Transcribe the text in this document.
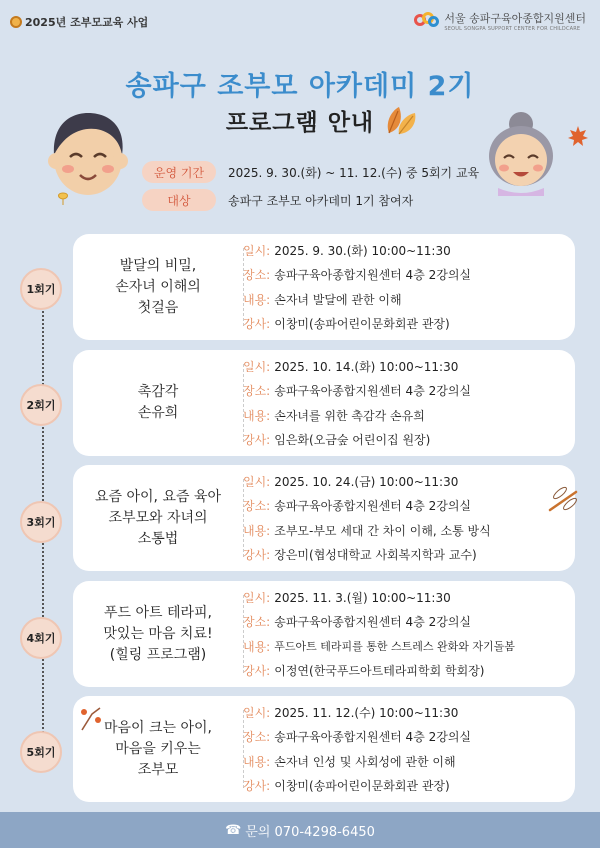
2025년 조부모교육 사업	서울 송파구육아종합지원센터
SEOUL SONGPA SUPPORT CENTER FOR CHILDCARE
송파구 조부모 아카데미 2기
프로그램 안내
운영 기간	2025. 9. 30.(화) ~ 11. 12.(수) 중 5회기 교육
대상	송파구 조부모 아카데미 1기 참여자
1회기
발달의 비밀,
손자녀 이해의
첫걸음
일시: 2025. 9. 30.(화) 10:00~11:30
장소: 송파구육아종합지원센터 4층 2강의실
내용: 손자녀 발달에 관한 이해
강사: 이창미(송파어린이문화회관 관장)
2회기
촉감각
손유희
일시: 2025. 10. 14.(화) 10:00~11:30
장소: 송파구육아종합지원센터 4층 2강의실
내용: 손자녀를 위한 촉감각 손유희
강사: 임은화(오금숲 어린이집 원장)
3회기
요즘 아이, 요즘 육아
조부모와 자녀의
소통법
일시: 2025. 10. 24.(금) 10:00~11:30
장소: 송파구육아종합지원센터 4층 2강의실
내용: 조부모-부모 세대 간 차이 이해, 소통 방식
강사: 장은미(협성대학교 사회복지학과 교수)
4회기
푸드 아트 테라피,
맛있는 마음 치료!
(힐링 프로그램)
일시: 2025. 11. 3.(월) 10:00~11:30
장소: 송파구육아종합지원센터 4층 2강의실
내용: 푸드아트 테라피를 통한 스트레스 완화와 자기돌봄
강사: 이정연(한국푸드아트테라피학회 학회장)
5회기
마음이 크는 아이,
마음을 키우는
조부모
일시: 2025. 11. 12.(수) 10:00~11:30
장소: 송파구육아종합지원센터 4층 2강의실
내용: 손자녀 인성 및 사회성에 관한 이해
강사: 이창미(송파어린이문화회관 관장)
☎ 문의 070-4298-6450
